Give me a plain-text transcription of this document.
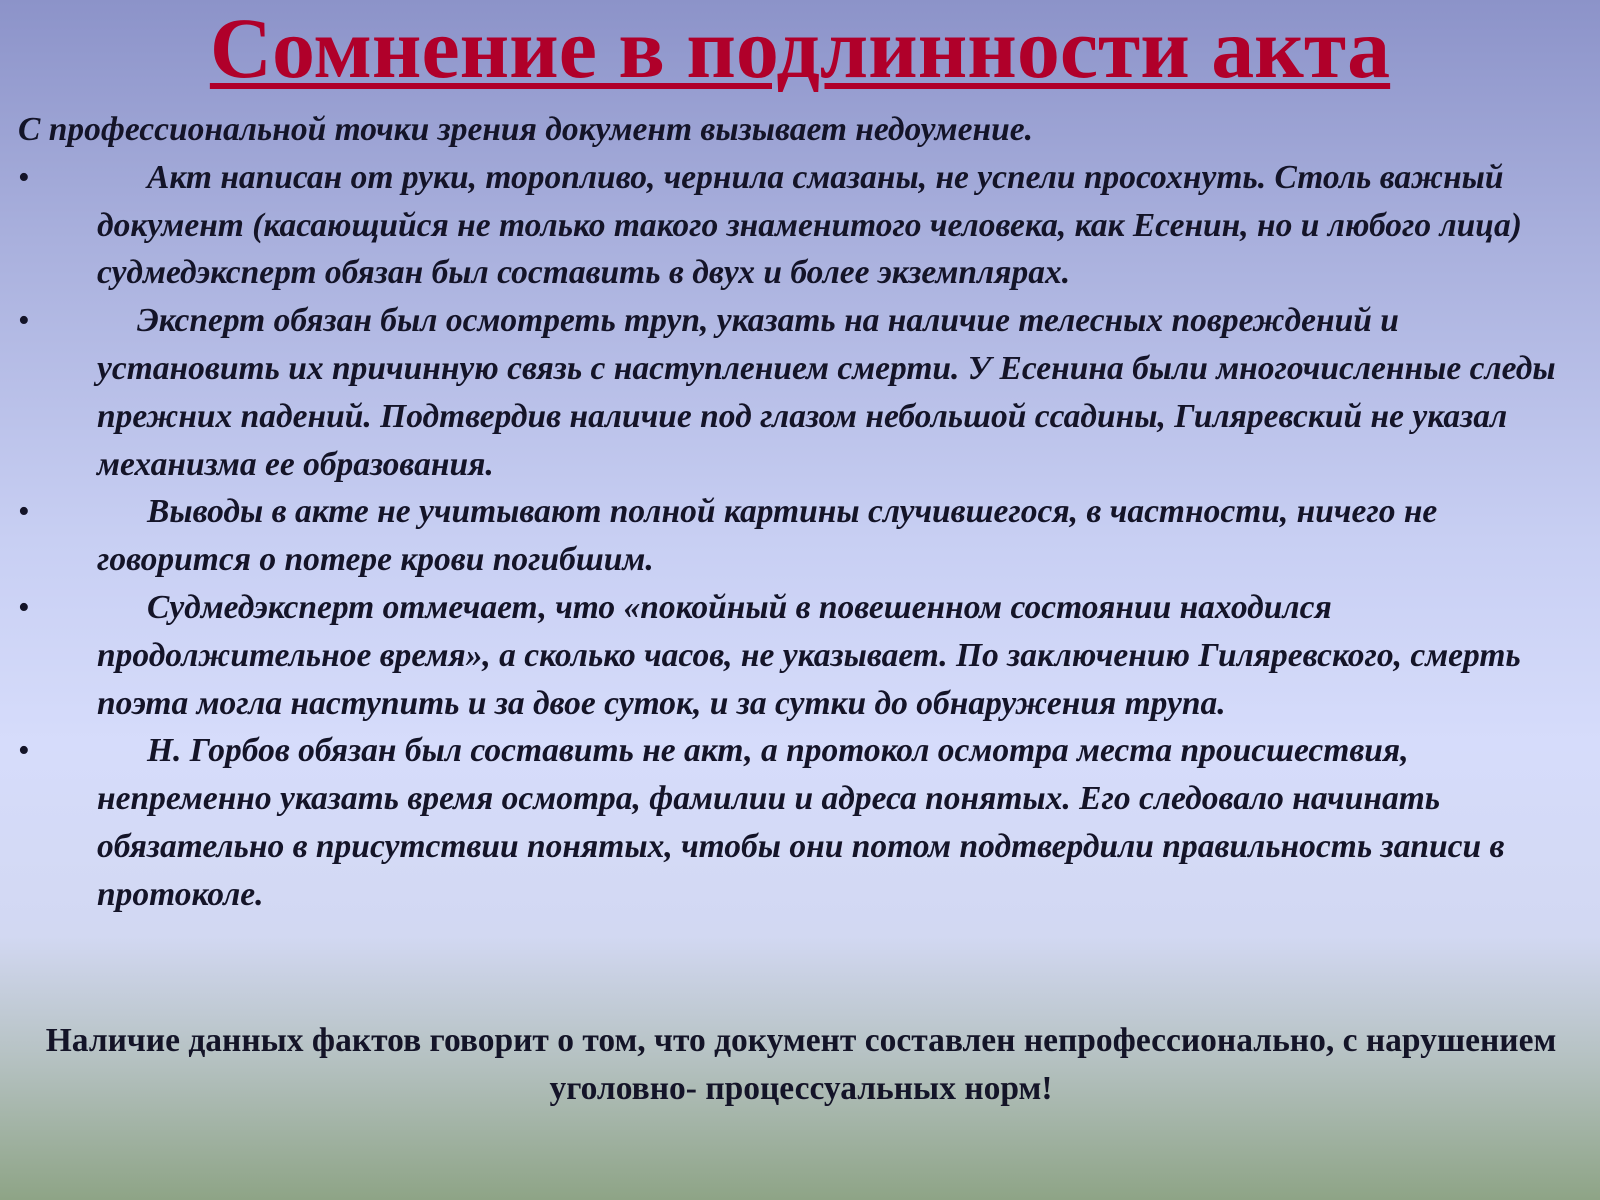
Сомнение в подлинности акта

С профессиональной точки зрения документ вызывает недоумение.

•	Акт написан от руки, торопливо, чернила смазаны, не успели просохнуть. Столь важный документ (касающийся не только такого знаменитого человека, как Есенин, но и любого лица) судмедэксперт обязан был составить в двух и более экземплярах.

•	Эксперт обязан был осмотреть труп, указать на наличие телесных повреждений и установить их причинную связь с наступлением смерти. У Есенина были многочисленные следы прежних падений. Подтвердив наличие под глазом небольшой ссадины, Гиляревский не указал механизма ее образования.

•	Выводы в акте не учитывают полной картины случившегося, в частности, ничего не говорится о потере крови погибшим.

•	Судмедэксперт отмечает, что «покойный в повешенном состоянии находился продолжительное время», а сколько часов, не указывает. По заключению Гиляревского, смерть поэта могла наступить и за двое суток, и за сутки до обнаружения трупа.

•	Н. Горбов обязан был составить не акт, а протокол осмотра места происшествия, непременно указать время осмотра, фамилии и адреса понятых. Его следовало начинать обязательно в присутствии понятых, чтобы они потом подтвердили правильность записи в протоколе.

Наличие данных фактов говорит о том, что документ составлен непрофессионально, с нарушением уголовно- процессуальных норм!
